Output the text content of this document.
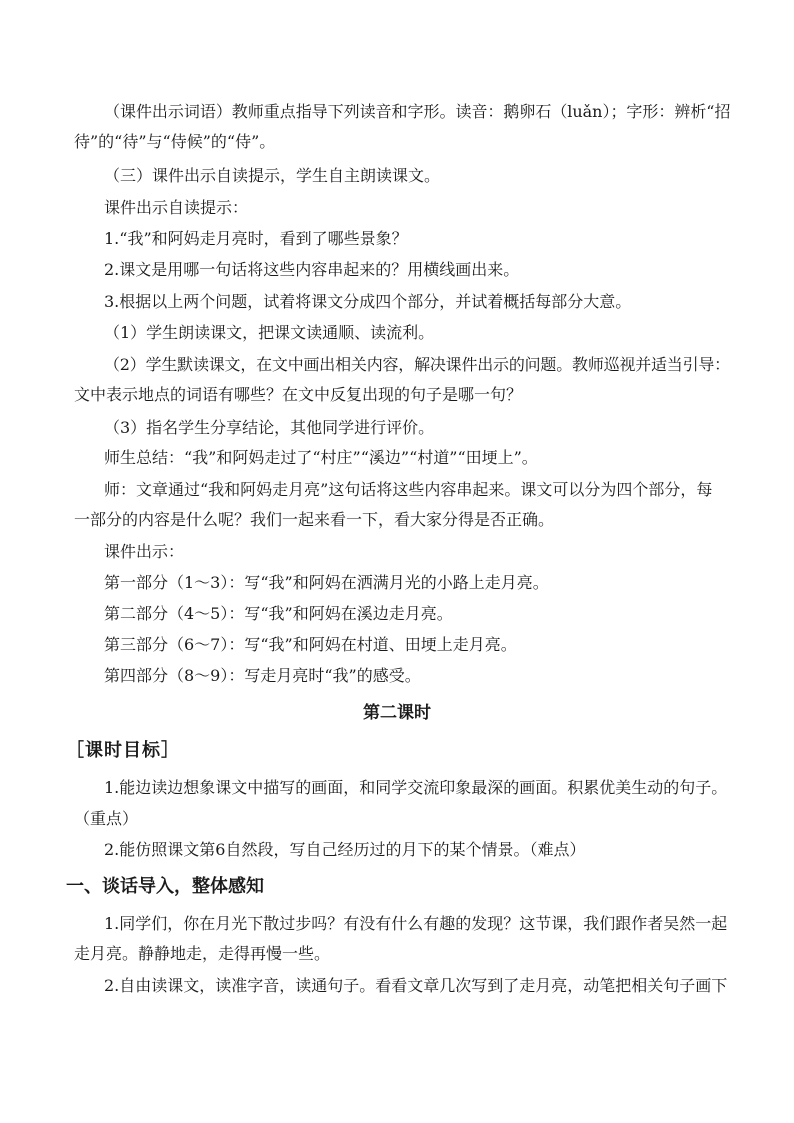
（课件出示词语）教师重点指导下列读音和字形。读音：鹅卵石（luǎn）；字形：辨析“招

待”的“待”与“侍候”的“侍”。

（三）课件出示自读提示，学生自主朗读课文。

课件出示自读提示：

1.“我”和阿妈走月亮时，看到了哪些景象？

2.课文是用哪一句话将这些内容串起来的？用横线画出来。

3.根据以上两个问题，试着将课文分成四个部分，并试着概括每部分大意。

（1）学生朗读课文，把课文读通顺、读流利。

（2）学生默读课文，在文中画出相关内容，解决课件出示的问题。教师巡视并适当引导：

文中表示地点的词语有哪些？在文中反复出现的句子是哪一句？

（3）指名学生分享结论，其他同学进行评价。

师生总结：“我”和阿妈走过了“村庄”“溪边”“村道”“田埂上”。

师：文章通过“我和阿妈走月亮”这句话将这些内容串起来。课文可以分为四个部分，每

一部分的内容是什么呢？我们一起来看一下，看大家分得是否正确。

课件出示：

第一部分（1～3）：写“我”和阿妈在洒满月光的小路上走月亮。

第二部分（4～5）：写“我”和阿妈在溪边走月亮。

第三部分（6～7）：写“我”和阿妈在村道、田埂上走月亮。

第四部分（8～9）：写走月亮时“我”的感受。

第二课时

［课时目标］

1.能边读边想象课文中描写的画面，和同学交流印象最深的画面。积累优美生动的句子。

（重点）

2.能仿照课文第6自然段，写自己经历过的月下的某个情景。（难点）

一、谈话导入，整体感知

1.同学们，你在月光下散过步吗？有没有什么有趣的发现？这节课，我们跟作者吴然一起

走月亮。静静地走，走得再慢一些。

2.自由读课文，读准字音，读通句子。看看文章几次写到了走月亮，动笔把相关句子画下
